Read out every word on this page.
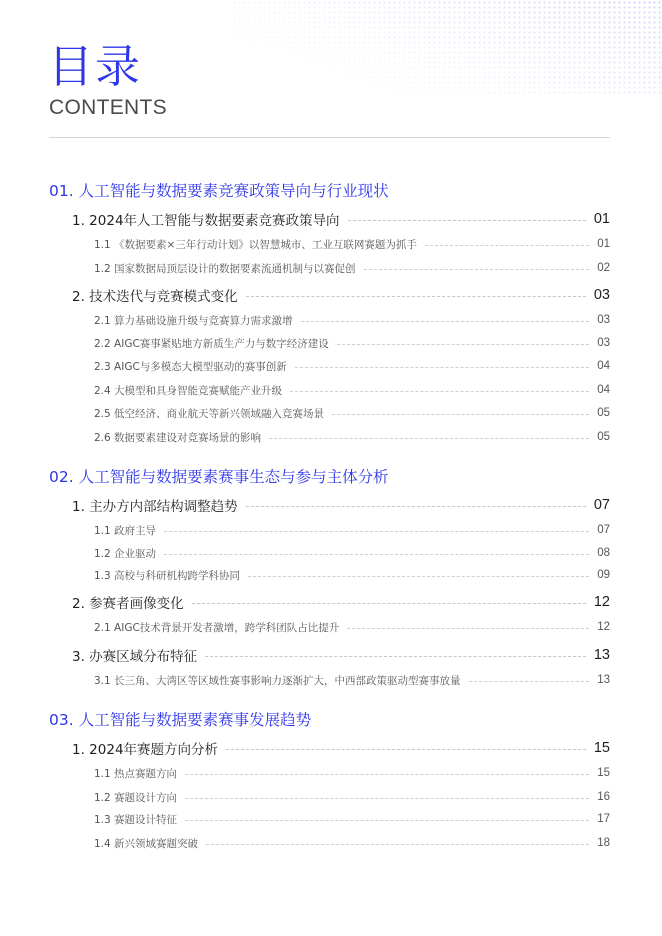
目录
CONTENTS
01. 人工智能与数据要素竞赛政策导向与行业现状
1. 2024年人工智能与数据要素竞赛政策导向	01
1.1 《数据要素×三年行动计划》以智慧城市、工业互联网赛题为抓手	01
1.2 国家数据局顶层设计的数据要素流通机制与以赛促创	02
2. 技术迭代与竞赛模式变化	03
2.1 算力基础设施升级与竞赛算力需求激增	03
2.2 AIGC赛事紧贴地方新质生产力与数字经济建设	03
2.3 AIGC与多模态大模型驱动的赛事创新	04
2.4 大模型和具身智能竞赛赋能产业升级	04
2.5 低空经济、商业航天等新兴领域融入竞赛场景	05
2.6 数据要素建设对竞赛场景的影响	05
02. 人工智能与数据要素赛事生态与参与主体分析
1. 主办方内部结构调整趋势	07
1.1 政府主导	07
1.2 企业驱动	08
1.3 高校与科研机构跨学科协同	09
2. 参赛者画像变化	12
2.1 AIGC技术背景开发者激增，跨学科团队占比提升	12
3. 办赛区域分布特征	13
3.1 长三角、大湾区等区域性赛事影响力逐渐扩大，中西部政策驱动型赛事放量	13
03. 人工智能与数据要素赛事发展趋势
1. 2024年赛题方向分析	15
1.1 热点赛题方向	15
1.2 赛题设计方向	16
1.3 赛题设计特征	17
1.4 新兴领域赛题突破	18
